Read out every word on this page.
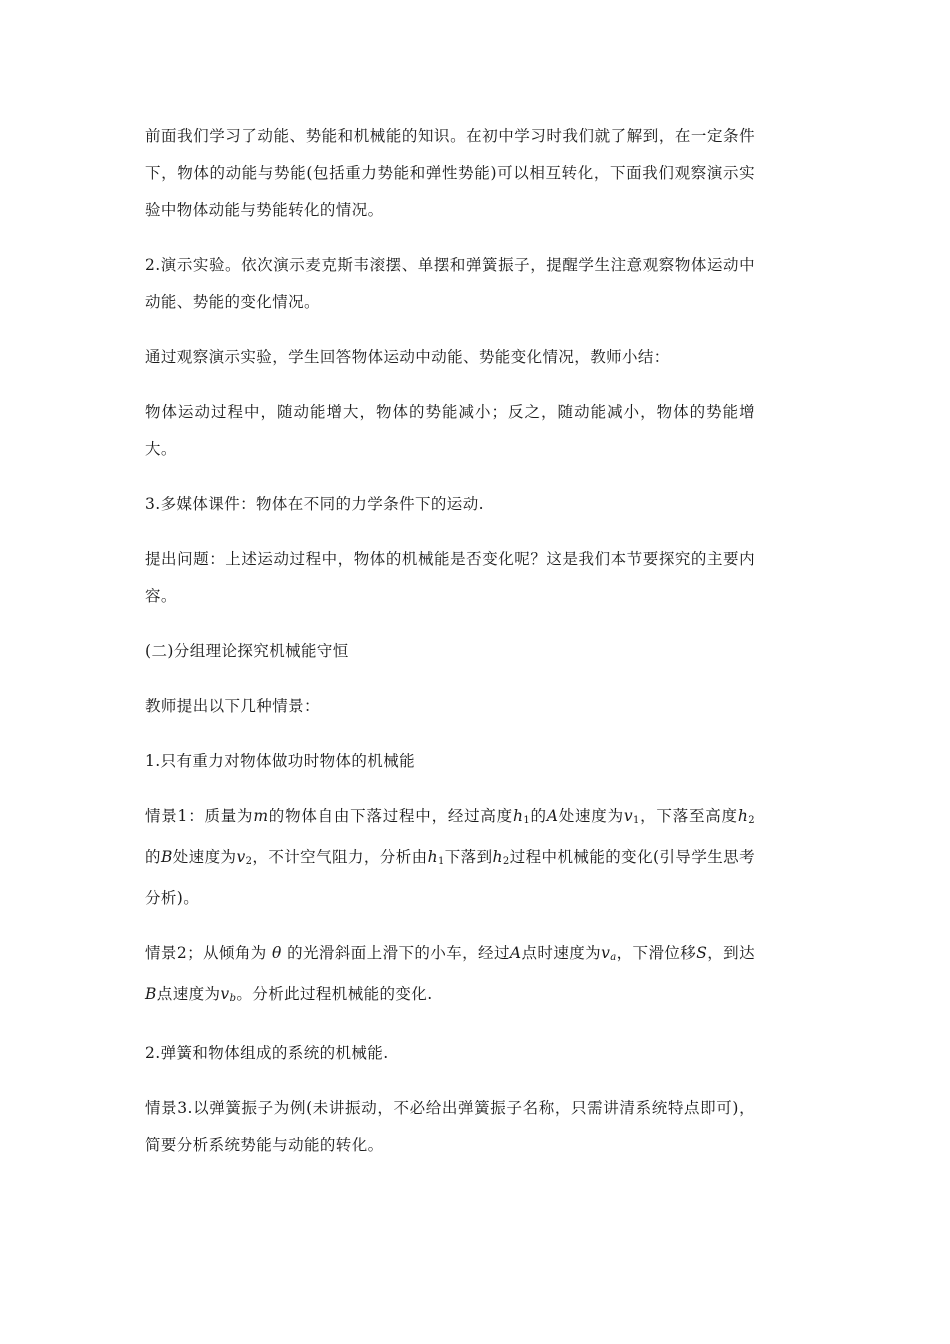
前面我们学习了动能、势能和机械能的知识。在初中学习时我们就了解到，在一定条件下，物体的动能与势能(包括重力势能和弹性势能)可以相互转化，下面我们观察演示实验中物体动能与势能转化的情况。

2.演示实验。依次演示麦克斯韦滚摆、单摆和弹簧振子，提醒学生注意观察物体运动中动能、势能的变化情况。

通过观察演示实验，学生回答物体运动中动能、势能变化情况，教师小结：

物体运动过程中，随动能增大，物体的势能减小；反之，随动能减小，物体的势能增大。

3.多媒体课件：物体在不同的力学条件下的运动.

提出问题：上述运动过程中，物体的机械能是否变化呢？这是我们本节要探究的主要内容。

(二)分组理论探究机械能守恒

教师提出以下几种情景：

1.只有重力对物体做功时物体的机械能

情景1：质量为m的物体自由下落过程中，经过高度$h_1$的A处速度为$v_1$，下落至高度$h_2$的B处速度为$v_2$，不计空气阻力，分析由$h_1$下落到$h_2$过程中机械能的变化(引导学生思考分析)。

情景2；从倾角为 θ 的光滑斜面上滑下的小车，经过A点时速度为$v_a$，下滑位移S，到达B点速度为$v_b$。分析此过程机械能的变化.

2.弹簧和物体组成的系统的机械能.

情景3.以弹簧振子为例(未讲振动，不必给出弹簧振子名称，只需讲清系统特点即可)，简要分析系统势能与动能的转化。
